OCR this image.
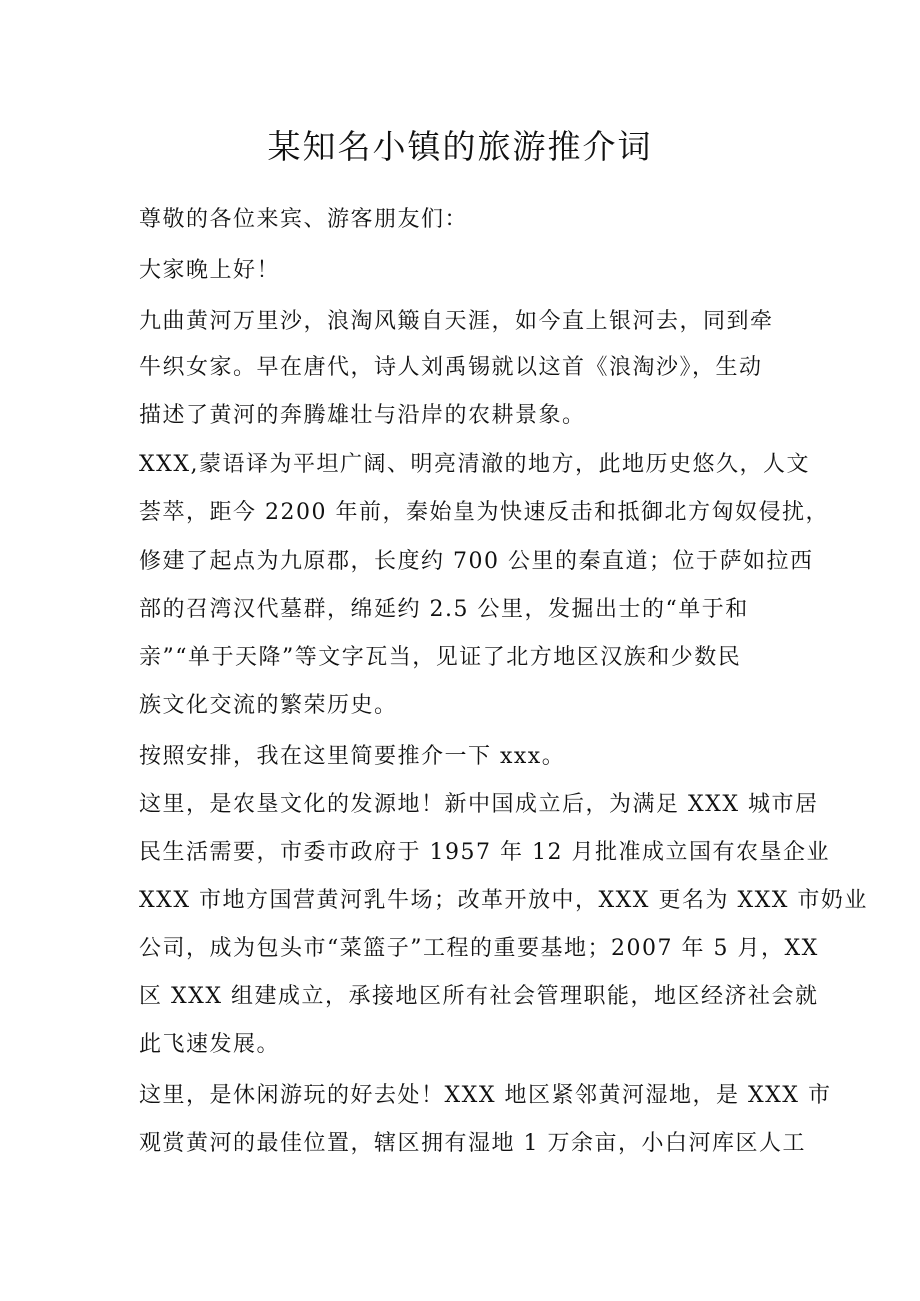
某知名小镇的旅游推介词
尊敬的各位来宾、游客朋友们：
大家晚上好！
九曲黄河万里沙，浪淘风簸自天涯，如今直上银河去，同到牵
牛织女家。早在唐代，诗人刘禹锡就以这首《浪淘沙》，生动
描述了黄河的奔腾雄壮与沿岸的农耕景象。
XXX,蒙语译为平坦广阔、明亮清澈的地方，此地历史悠久，人文
荟萃，距今 2200 年前，秦始皇为快速反击和抵御北方匈奴侵扰，
修建了起点为九原郡，长度约 700 公里的秦直道；位于萨如拉西
部的召湾汉代墓群，绵延约 2.5 公里，发掘出士的“单于和
亲”“单于天降”等文字瓦当，见证了北方地区汉族和少数民
族文化交流的繁荣历史。
按照安排，我在这里简要推介一下 xxx。
这里，是农垦文化的发源地！新中国成立后，为满足 XXX 城市居
民生活需要，市委市政府于 1957 年 12 月批准成立国有农垦企业
XXX 市地方国营黄河乳牛场；改革开放中，XXX 更名为 XXX 市奶业
公司，成为包头市“菜篮子”工程的重要基地；2007 年 5 月，XX
区 XXX 组建成立，承接地区所有社会管理职能，地区经济社会就
此飞速发展。
这里，是休闲游玩的好去处！XXX 地区紧邻黄河湿地，是 XXX 市
观赏黄河的最佳位置，辖区拥有湿地 1 万余亩，小白河库区人工
